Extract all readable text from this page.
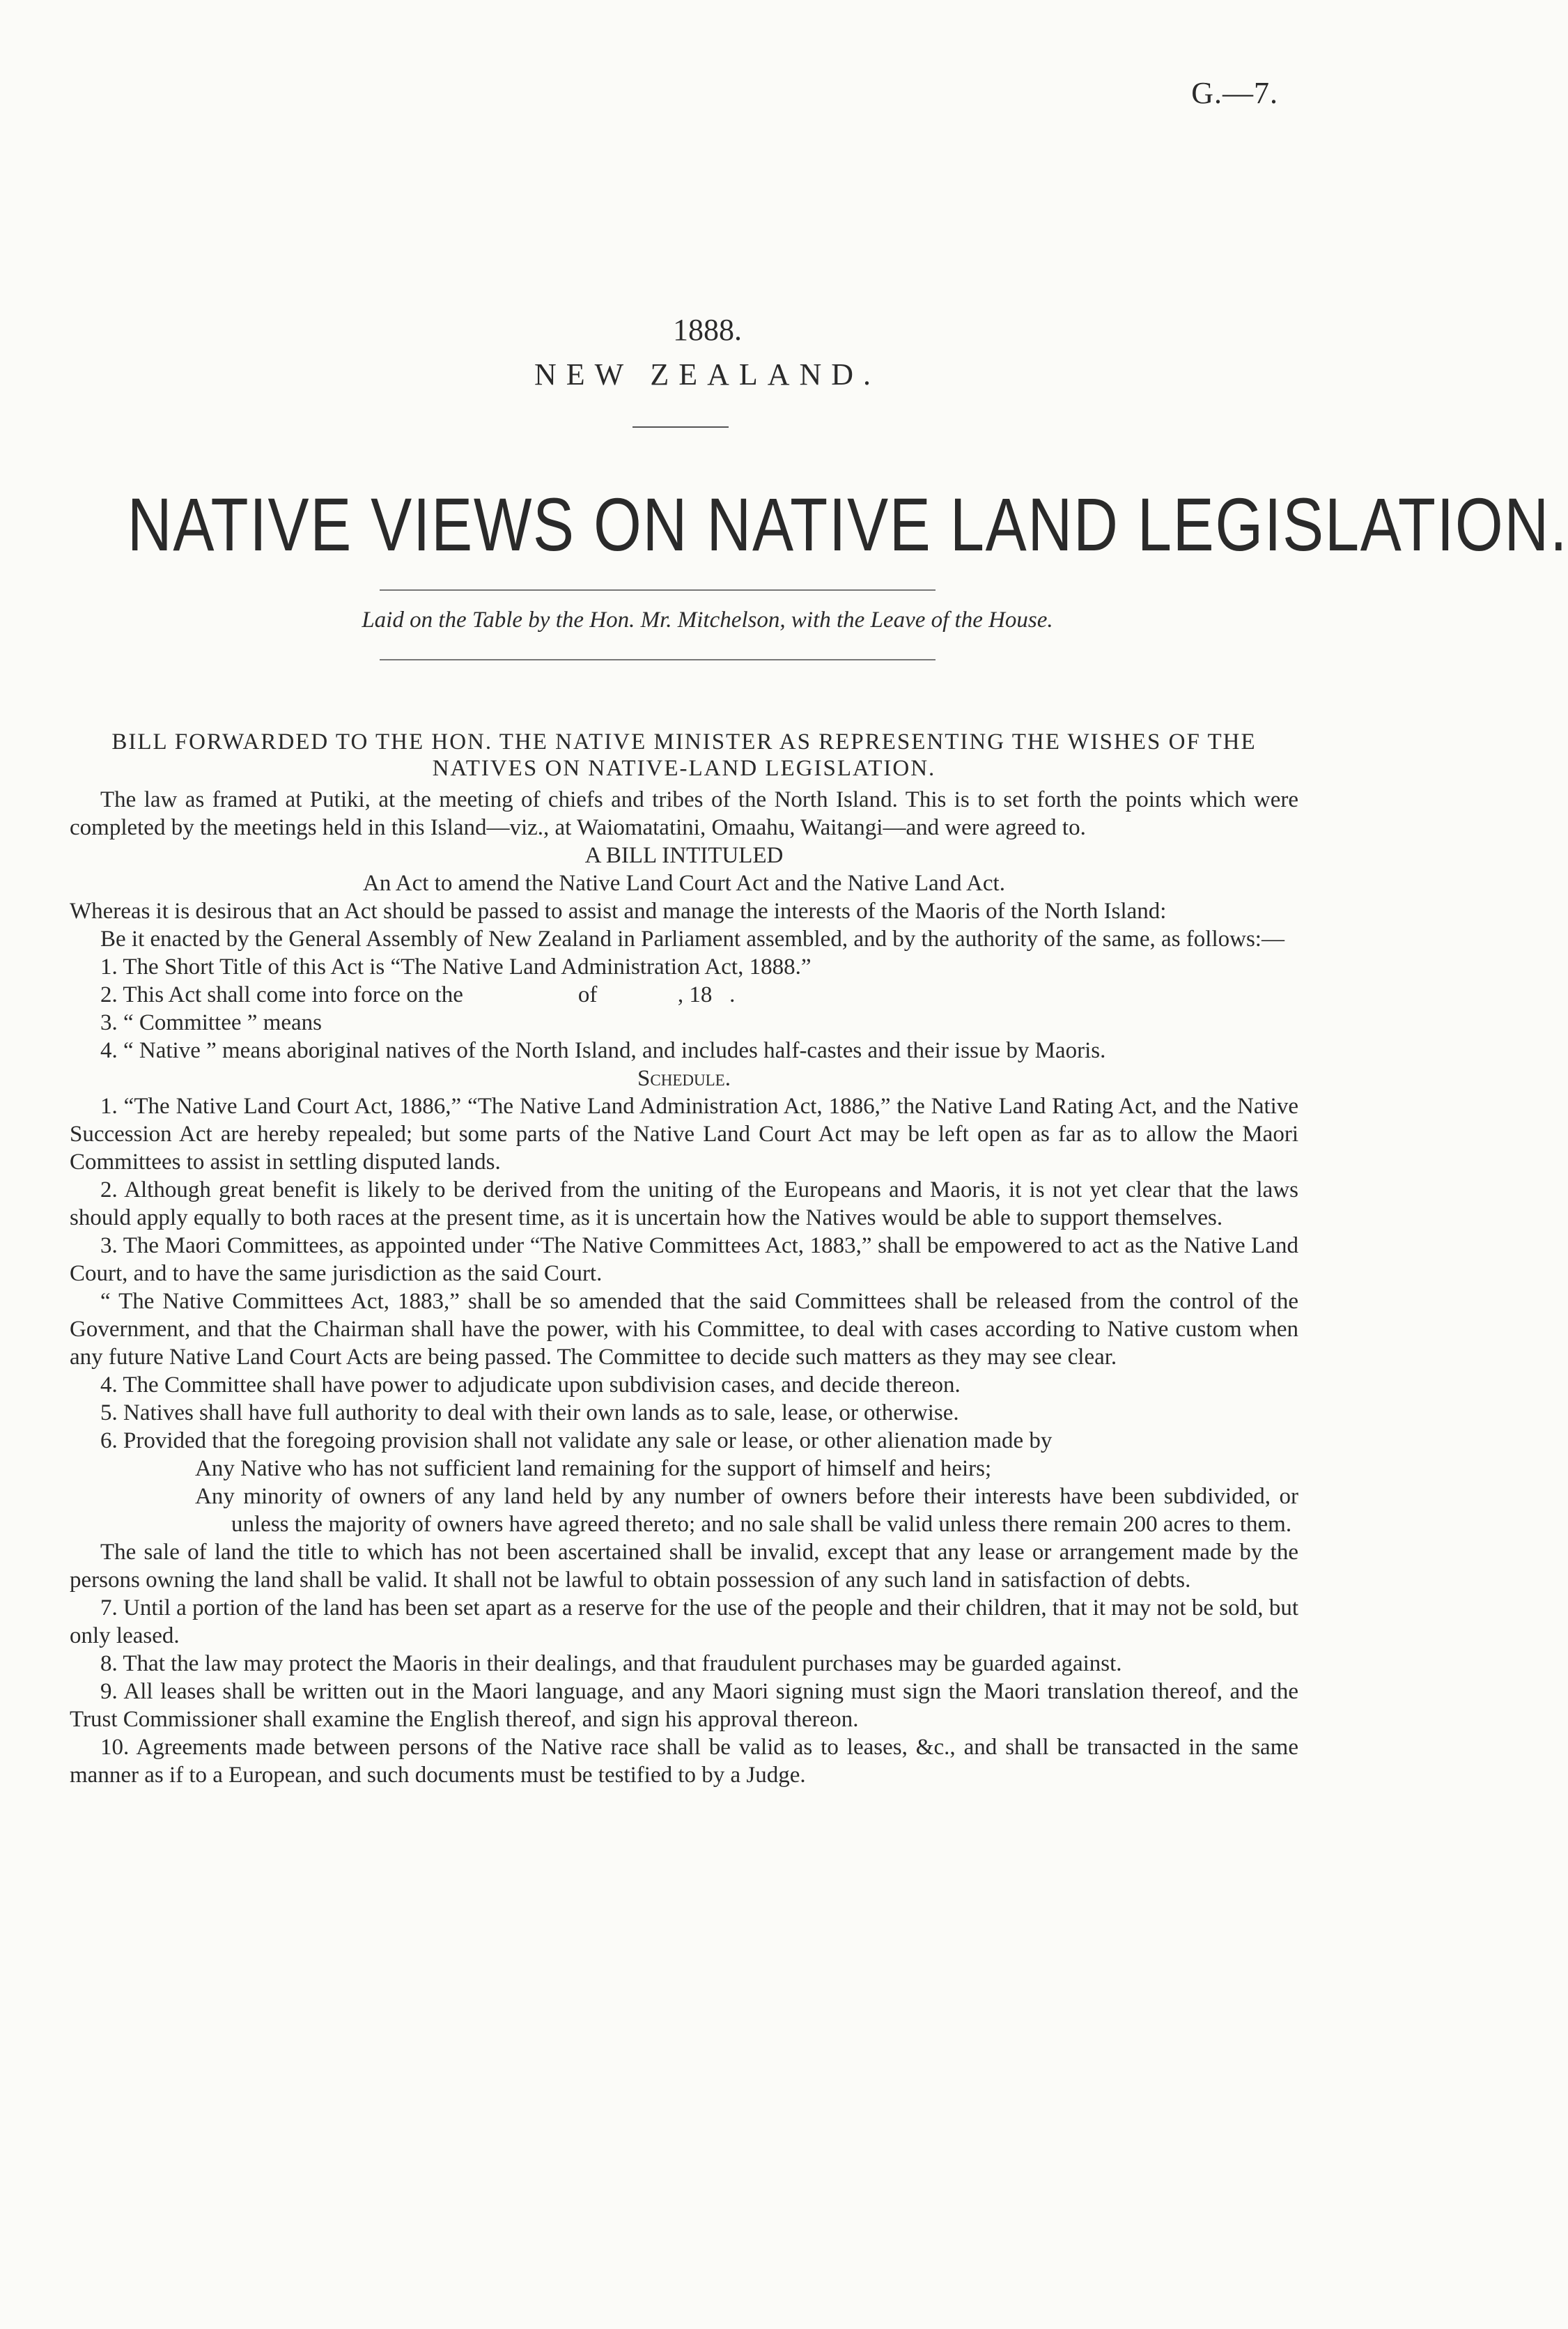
G.—7.
1888.
NEW ZEALAND.
NATIVE VIEWS ON NATIVE LAND LEGISLATION.
Laid on the Table by the Hon. Mr. Mitchelson, with the Leave of the House.
BILL FORWARDED TO THE HON. THE NATIVE MINISTER AS REPRESENTING THE WISHES OF THE NATIVES ON NATIVE-LAND LEGISLATION.

The law as framed at Putiki, at the meeting of chiefs and tribes of the North Island. This is to set forth the points which were completed by the meetings held in this Island—viz., at Waiomatatini, Omaahu, Waitangi—and were agreed to.

A BILL INTITULED

An Act to amend the Native Land Court Act and the Native Land Act.

Whereas it is desirous that an Act should be passed to assist and manage the interests of the Maoris of the North Island:

Be it enacted by the General Assembly of New Zealand in Parliament assembled, and by the authority of the same, as follows:—

1. The Short Title of this Act is “The Native Land Administration Act, 1888.”

2. This Act shall come into force on the                    of              , 18   .

3. “ Committee ” means

4. “ Native ” means aboriginal natives of the North Island, and includes half-castes and their issue by Maoris.

Schedule.

1. “The Native Land Court Act, 1886,” “The Native Land Administration Act, 1886,” the Native Land Rating Act, and the Native Succession Act are hereby repealed; but some parts of the Native Land Court Act may be left open as far as to allow the Maori Committees to assist in settling disputed lands.

2. Although great benefit is likely to be derived from the uniting of the Europeans and Maoris, it is not yet clear that the laws should apply equally to both races at the present time, as it is uncertain how the Natives would be able to support themselves.

3. The Maori Committees, as appointed under “The Native Committees Act, 1883,” shall be empowered to act as the Native Land Court, and to have the same jurisdiction as the said Court.

“ The Native Committees Act, 1883,” shall be so amended that the said Committees shall be released from the control of the Government, and that the Chairman shall have the power, with his Committee, to deal with cases according to Native custom when any future Native Land Court Acts are being passed. The Committee to decide such matters as they may see clear.

4. The Committee shall have power to adjudicate upon subdivision cases, and decide thereon.

5. Natives shall have full authority to deal with their own lands as to sale, lease, or otherwise.

6. Provided that the foregoing provision shall not validate any sale or lease, or other alienation made by

Any Native who has not sufficient land remaining for the support of himself and heirs;

Any minority of owners of any land held by any number of owners before their interests have been subdivided, or unless the majority of owners have agreed thereto; and no sale shall be valid unless there remain 200 acres to them.

The sale of land the title to which has not been ascertained shall be invalid, except that any lease or arrangement made by the persons owning the land shall be valid. It shall not be lawful to obtain possession of any such land in satisfaction of debts.

7. Until a portion of the land has been set apart as a reserve for the use of the people and their children, that it may not be sold, but only leased.

8. That the law may protect the Maoris in their dealings, and that fraudulent purchases may be guarded against.

9. All leases shall be written out in the Maori language, and any Maori signing must sign the Maori translation thereof, and the Trust Commissioner shall examine the English thereof, and sign his approval thereon.

10. Agreements made between persons of the Native race shall be valid as to leases, &c., and shall be transacted in the same manner as if to a European, and such documents must be testified to by a Judge.
